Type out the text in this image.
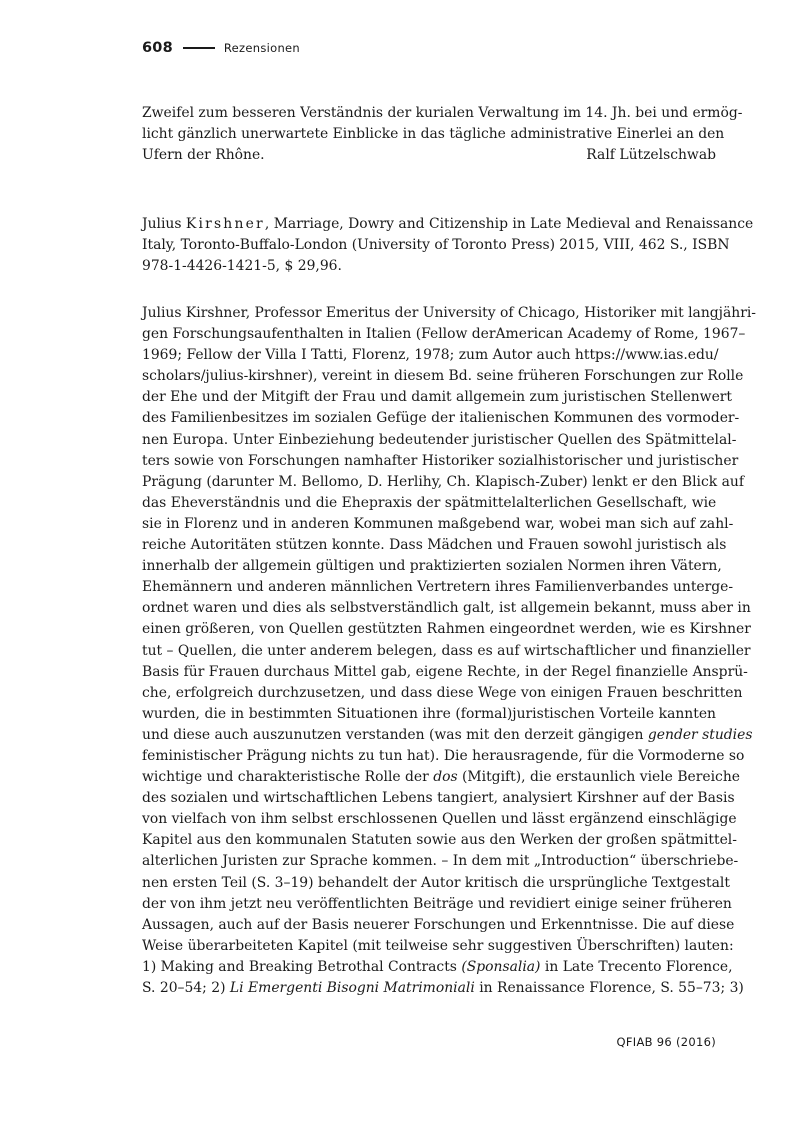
608	Rezensionen
Zweifel zum besseren Verständnis der kurialen Verwaltung im 14. Jh. bei und ermög-
licht gänzlich unerwartete Einblicke in das tägliche administrative Einerlei an den
Ufern der Rhône.	Ralf Lützelschwab
Julius Kirshner, Marriage, Dowry and Citizenship in Late Medieval and Renaissance
Italy, Toronto-Buffalo-London (University of Toronto Press) 2015, VIII, 462 S., ISBN
978-1-4426-1421-5, $ 29,96.
Julius Kirshner, Professor Emeritus der University of Chicago, Historiker mit langjähri-
gen Forschungsaufenthalten in Italien (Fellow derAmerican Academy of Rome, 1967–
1969; Fellow der Villa I Tatti, Florenz, 1978; zum Autor auch https://www.ias.edu/
scholars/julius-kirshner), vereint in diesem Bd. seine früheren Forschungen zur Rolle
der Ehe und der Mitgift der Frau und damit allgemein zum juristischen Stellenwert
des Familienbesitzes im sozialen Gefüge der italienischen Kommunen des vormoder-
nen Europa. Unter Einbeziehung bedeutender juristischer Quellen des Spätmittelal-
ters sowie von Forschungen namhafter Historiker sozialhistorischer und juristischer
Prägung (darunter M. Bellomo, D. Herlihy, Ch. Klapisch-Zuber) lenkt er den Blick auf
das Eheverständnis und die Ehepraxis der spätmittelalterlichen Gesellschaft, wie
sie in Florenz und in anderen Kommunen maßgebend war, wobei man sich auf zahl-
reiche Autoritäten stützen konnte. Dass Mädchen und Frauen sowohl juristisch als
innerhalb der allgemein gültigen und praktizierten sozialen Normen ihren Vätern,
Ehemännern und anderen männlichen Vertretern ihres Familienverbandes unterge-
ordnet waren und dies als selbstverständlich galt, ist allgemein bekannt, muss aber in
einen größeren, von Quellen gestützten Rahmen eingeordnet werden, wie es Kirshner
tut – Quellen, die unter anderem belegen, dass es auf wirtschaftlicher und finanzieller
Basis für Frauen durchaus Mittel gab, eigene Rechte, in der Regel finanzielle Ansprü-
che, erfolgreich durchzusetzen, und dass diese Wege von einigen Frauen beschritten
wurden, die in bestimmten Situationen ihre (formal)juristischen Vorteile kannten
und diese auch auszunutzen verstanden (was mit den derzeit gängigen gender studies
feministischer Prägung nichts zu tun hat). Die herausragende, für die Vormoderne so
wichtige und charakteristische Rolle der dos (Mitgift), die erstaunlich viele Bereiche
des sozialen und wirtschaftlichen Lebens tangiert, analysiert Kirshner auf der Basis
von vielfach von ihm selbst erschlossenen Quellen und lässt ergänzend einschlägige
Kapitel aus den kommunalen Statuten sowie aus den Werken der großen spätmittel-
alterlichen Juristen zur Sprache kommen. – In dem mit „Introduction“ überschriebe-
nen ersten Teil (S. 3–19) behandelt der Autor kritisch die ursprüngliche Textgestalt
der von ihm jetzt neu veröffentlichten Beiträge und revidiert einige seiner früheren
Aussagen, auch auf der Basis neuerer Forschungen und Erkenntnisse. Die auf diese
Weise überarbeiteten Kapitel (mit teilweise sehr suggestiven Überschriften) lauten:
1) Making and Breaking Betrothal Contracts (Sponsalia) in Late Trecento Florence,
S. 20–54; 2) Li Emergenti Bisogni Matrimoniali in Renaissance Florence, S. 55–73; 3)
QFIAB 96 (2016)
